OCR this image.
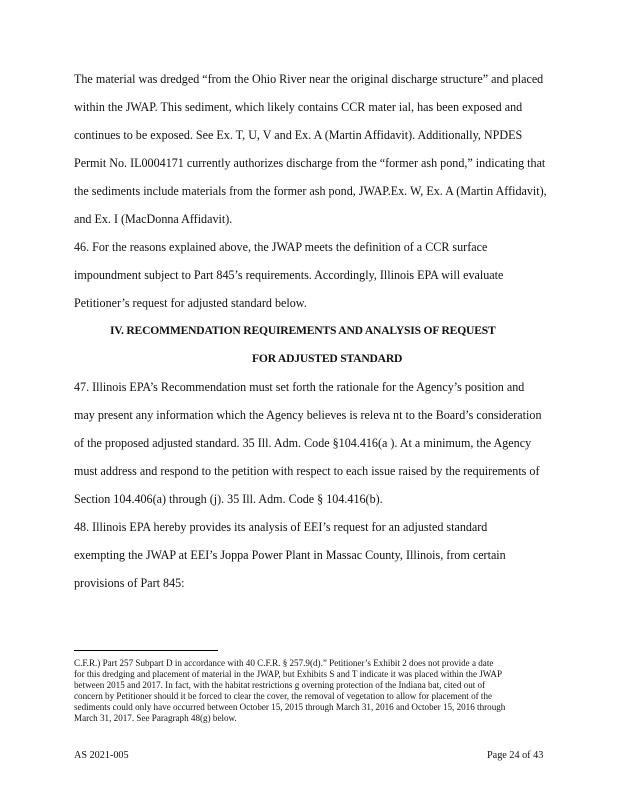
The material was dredged “from the Ohio River near the original discharge structure” and placed
within the JWAP. This sediment, which likely contains CCR mater ial, has been exposed and
continues to be exposed. See Ex. T, U, V and Ex. A (Martin Affidavit). Additionally, NPDES
Permit No. IL0004171 currently authorizes discharge from the “former ash pond,” indicating that
the sediments include materials from the former ash pond, JWAP.Ex. W, Ex. A (Martin Affidavit),
and Ex. I (MacDonna Affidavit).
46. For the reasons explained above, the JWAP meets the definition of a CCR surface
impoundment subject to Part 845’s requirements. Accordingly, Illinois EPA will evaluate
Petitioner’s request for adjusted standard below.
IV. RECOMMENDATION REQUIREMENTS AND ANALYSIS OF REQUEST
FOR ADJUSTED STANDARD
47. Illinois EPA’s Recommendation must set forth the rationale for the Agency’s position and
may present any information which the Agency believes is releva nt to the Board’s consideration
of the proposed adjusted standard. 35 Ill. Adm. Code §104.416(a ). At a minimum, the Agency
must address and respond to the petition with respect to each issue raised by the requirements of
Section 104.406(a) through (j). 35 Ill. Adm. Code § 104.416(b).
48. Illinois EPA hereby provides its analysis of EEI’s request for an adjusted standard
exempting the JWAP at EEI’s Joppa Power Plant in Massac County, Illinois, from certain
provisions of Part 845:
C.F.R.) Part 257 Subpart D in accordance with 40 C.F.R. § 257.9(d).” Petitioner’s Exhibit 2 does not provide a date
for this dredging and placement of material in the JWAP, but Exhibits S and T indicate it was placed within the JWAP
between 2015 and 2017. In fact, with the habitat restrictions g overning protection of the Indiana bat, cited out of
concern by Petitioner should it be forced to clear the cover, the removal of vegetation to allow for placement of the
sediments could only have occurred between October 15, 2015 through March 31, 2016 and October 15, 2016 through
March 31, 2017. See Paragraph 48(g) below.
AS 2021-005	Page 24 of 43
